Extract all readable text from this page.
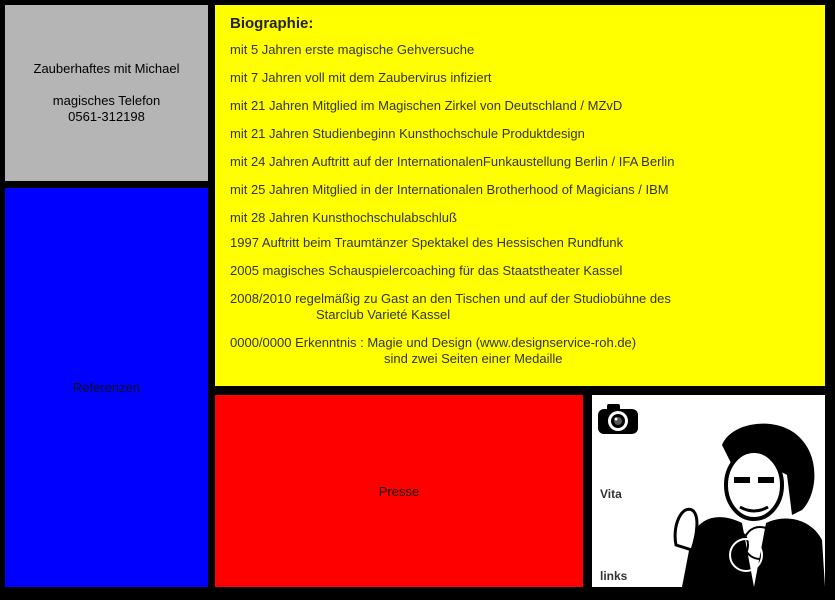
Zauberhaftes mit Michael
magisches Telefon
0561-312198
Referenzen
Biographie:
mit 5 Jahren erste magische Gehversuche
mit 7 Jahren voll mit dem Zaubervirus infiziert
mit 21 Jahren Mitglied im Magischen Zirkel von Deutschland / MZvD
mit 21 Jahren Studienbeginn Kunsthochschule Produktdesign
mit 24 Jahren Auftritt auf der InternationalenFunkaustellung Berlin / IFA Berlin
mit 25 Jahren Mitglied in der Internationalen Brotherhood of Magicians / IBM
mit 28 Jahren Kunsthochschulabschluß
1997 Auftritt beim Traumtänzer Spektakel des Hessischen Rundfunk
2005 magisches Schauspielercoaching für das Staatstheater Kassel
2008/2010 regelmäßig zu Gast an den Tischen und auf der Studiobühne des
Starclub Varieté Kassel
0000/0000 Erkenntnis : Magie und Design (www.designservice-roh.de)
sind zwei Seiten einer Medaille
Presse	Vita
links
